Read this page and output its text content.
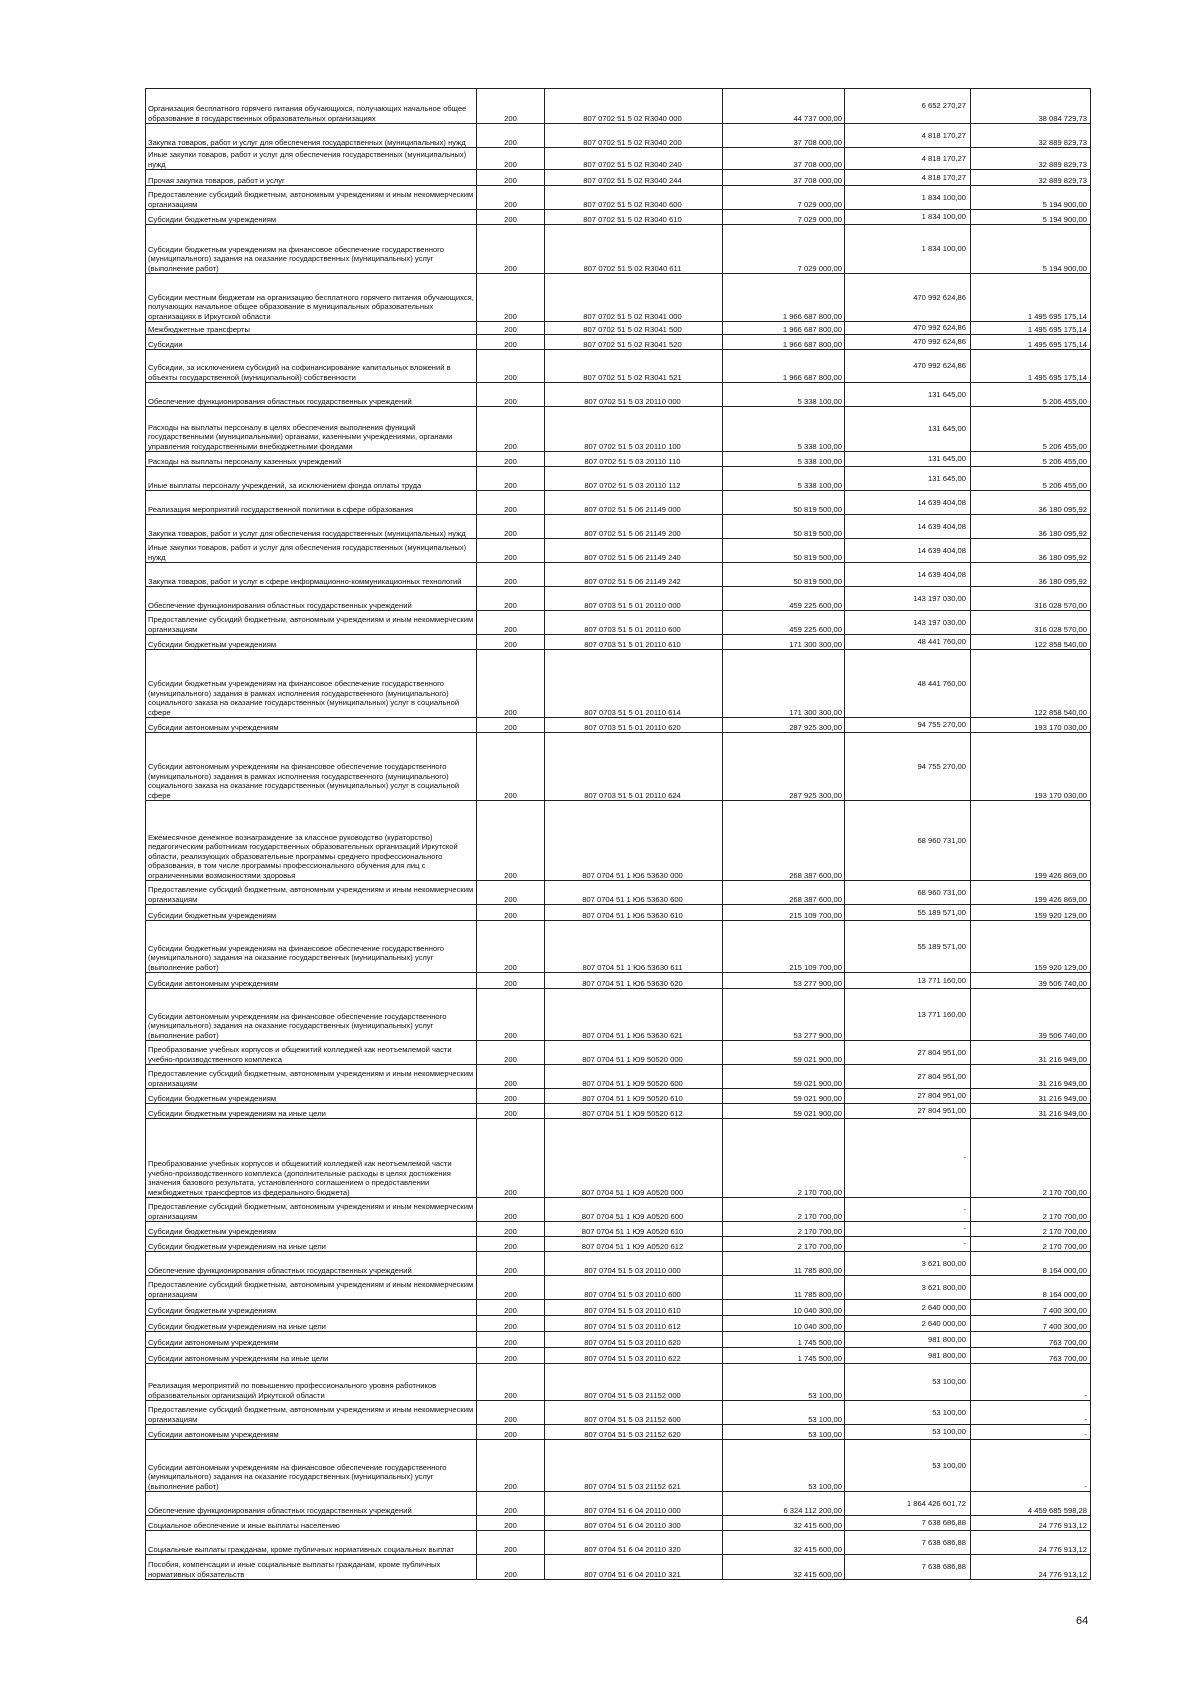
Организация бесплатного горячего питания обучающихся, получающих начальное общее образование в государственных образовательных организациях	200	807 0702 51 5 02 R3040 000	44 737 000,00	6 652 270,27	38 084 729,73
Закупка товаров, работ и услуг для обеспечения государственных (муниципальных) нужд	200	807 0702 51 5 02 R3040 200	37 708 000,00	4 818 170,27	32 889 829,73
Иные закупки товаров, работ и услуг для обеспечения государственных (муниципальных) нужд	200	807 0702 51 5 02 R3040 240	37 708 000,00	4 818 170,27	32 889 829,73
Прочая закупка товаров, работ и услуг	200	807 0702 51 5 02 R3040 244	37 708 000,00	4 818 170,27	32 889 829,73
Предоставление субсидий бюджетным, автономным учреждениям и иным некоммерческим организациям	200	807 0702 51 5 02 R3040 600	7 029 000,00	1 834 100,00	5 194 900,00
Субсидии бюджетным учреждениям	200	807 0702 51 5 02 R3040 610	7 029 000,00	1 834 100,00	5 194 900,00
Субсидии бюджетным учреждениям на финансовое обеспечение государственного (муниципального) задания на оказание государственных (муниципальных) услуг (выполнение работ)	200	807 0702 51 5 02 R3040 611	7 029 000,00	1 834 100,00	5 194 900,00
Субсидии местным бюджетам на организацию бесплатного горячего питания обучающихся, получающих начальное общее образование в муниципальных образовательных организациях в Иркутской области	200	807 0702 51 5 02 R3041 000	1 966 687 800,00	470 992 624,86	1 495 695 175,14
Межбюджетные трансферты	200	807 0702 51 5 02 R3041 500	1 966 687 800,00	470 992 624,86	1 495 695 175,14
Субсидии	200	807 0702 51 5 02 R3041 520	1 966 687 800,00	470 992 624,86	1 495 695 175,14
Субсидии, за исключением субсидий на софинансирование капитальных вложений в объекты государственной (муниципальной) собственности	200	807 0702 51 5 02 R3041 521	1 966 687 800,00	470 992 624,86	1 495 695 175,14
Обеспечение функционирования областных государственных учреждений	200	807 0702 51 5 03 20110 000	5 338 100,00	131 645,00	5 206 455,00
Расходы на выплаты персоналу в целях обеспечения выполнения функций государственными (муниципальными) органами, казенными учреждениями, органами управления государственными внебюджетными фондами	200	807 0702 51 5 03 20110 100	5 338 100,00	131 645,00	5 206 455,00
Расходы на выплаты персоналу казенных учреждений	200	807 0702 51 5 03 20110 110	5 338 100,00	131 645,00	5 206 455,00
Иные выплаты персоналу учреждений, за исключением фонда оплаты труда	200	807 0702 51 5 03 20110 112	5 338 100,00	131 645,00	5 206 455,00
Реализация мероприятий государственной политики в сфере образования	200	807 0702 51 5 06 21149 000	50 819 500,00	14 639 404,08	36 180 095,92
Закупка товаров, работ и услуг для обеспечения государственных (муниципальных) нужд	200	807 0702 51 5 06 21149 200	50 819 500,00	14 639 404,08	36 180 095,92
Иные закупки товаров, работ и услуг для обеспечения государственных (муниципальных) нужд	200	807 0702 51 5 06 21149 240	50 819 500,00	14 639 404,08	36 180 095,92
Закупка товаров, работ и услуг в сфере информационно-коммуникационных технологий	200	807 0702 51 5 06 21149 242	50 819 500,00	14 639 404,08	36 180 095,92
Обеспечение функционирования областных государственных учреждений	200	807 0703 51 5 01 20110 000	459 225 600,00	143 197 030,00	316 028 570,00
Предоставление субсидий бюджетным, автономным учреждениям и иным некоммерческим организациям	200	807 0703 51 5 01 20110 600	459 225 600,00	143 197 030,00	316 028 570,00
Субсидии бюджетным учреждениям	200	807 0703 51 5 01 20110 610	171 300 300,00	48 441 760,00	122 858 540,00
Субсидии бюджетным учреждениям на финансовое обеспечение государственного (муниципального) задания в рамках исполнения государственного (муниципального) социального заказа на оказание государственных (муниципальных) услуг в социальной сфере	200	807 0703 51 5 01 20110 614	171 300 300,00	48 441 760,00	122 858 540,00
Субсидии автономным учреждениям	200	807 0703 51 5 01 20110 620	287 925 300,00	94 755 270,00	193 170 030,00
Субсидии автономным учреждениям на финансовое обеспечение государственного (муниципального) задания в рамках исполнения государственного (муниципального) социального заказа на оказание государственных (муниципальных) услуг в социальной сфере	200	807 0703 51 5 01 20110 624	287 925 300,00	94 755 270,00	193 170 030,00
Ежемесячное денежное вознаграждение за классное руководство (кураторство) педагогическим работникам государственных образовательных организаций Иркутской области, реализующих образовательные программы среднего профессионального образования, в том числе программы профессионального обучения для лиц с ограниченными возможностями здоровья	200	807 0704 51 1 Ю6 53630 000	268 387 600,00	68 960 731,00	199 426 869,00
Предоставление субсидий бюджетным, автономным учреждениям и иным некоммерческим организациям	200	807 0704 51 1 Ю6 53630 600	268 387 600,00	68 960 731,00	199 426 869,00
Субсидии бюджетным учреждениям	200	807 0704 51 1 Ю6 53630 610	215 109 700,00	55 189 571,00	159 920 129,00
Субсидии бюджетным учреждениям на финансовое обеспечение государственного (муниципального) задания на оказание государственных (муниципальных) услуг (выполнение работ)	200	807 0704 51 1 Ю6 53630 611	215 109 700,00	55 189 571,00	159 920 129,00
Субсидии автономным учреждениям	200	807 0704 51 1 Ю6 53630 620	53 277 900,00	13 771 160,00	39 506 740,00
Субсидии автономным учреждениям на финансовое обеспечение государственного (муниципального) задания на оказание государственных (муниципальных) услуг (выполнение работ)	200	807 0704 51 1 Ю6 53630 621	53 277 900,00	13 771 160,00	39 506 740,00
Преобразование учебных корпусов и общежитий колледжей как неотъемлемой части учебно-производственного комплекса	200	807 0704 51 1 Ю9 50520 000	59 021 900,00	27 804 951,00	31 216 949,00
Предоставление субсидий бюджетным, автономным учреждениям и иным некоммерческим организациям	200	807 0704 51 1 Ю9 50520 600	59 021 900,00	27 804 951,00	31 216 949,00
Субсидии бюджетным учреждениям	200	807 0704 51 1 Ю9 50520 610	59 021 900,00	27 804 951,00	31 216 949,00
Субсидии бюджетным учреждениям на иные цели	200	807 0704 51 1 Ю9 50520 612	59 021 900,00	27 804 951,00	31 216 949,00
Преобразование учебных корпусов и общежитий колледжей как неотъемлемой части учебно-производственного комплекса (дополнительные расходы в целях достижения значения базового результата, установленного соглашением о предоставлении межбюджетных трансфертов из федерального бюджета)	200	807 0704 51 1 Ю9 А0520 000	2 170 700,00	-	2 170 700,00
Предоставление субсидий бюджетным, автономным учреждениям и иным некоммерческим организациям	200	807 0704 51 1 Ю9 А0520 600	2 170 700,00	-	2 170 700,00
Субсидии бюджетным учреждениям	200	807 0704 51 1 Ю9 А0520 610	2 170 700,00	-	2 170 700,00
Субсидии бюджетным учреждениям на иные цели	200	807 0704 51 1 Ю9 А0520 612	2 170 700,00	-	2 170 700,00
Обеспечение функционирования областных государственных учреждений	200	807 0704 51 5 03 20110 000	11 785 800,00	3 621 800,00	8 164 000,00
Предоставление субсидий бюджетным, автономным учреждениям и иным некоммерческим организациям	200	807 0704 51 5 03 20110 600	11 785 800,00	3 621 800,00	8 164 000,00
Субсидии бюджетным учреждениям	200	807 0704 51 5 03 20110 610	10 040 300,00	2 640 000,00	7 400 300,00
Субсидии бюджетным учреждениям на иные цели	200	807 0704 51 5 03 20110 612	10 040 300,00	2 640 000,00	7 400 300,00
Субсидии автономным учреждениям	200	807 0704 51 5 03 20110 620	1 745 500,00	981 800,00	763 700,00
Субсидии автономным учреждениям на иные цели	200	807 0704 51 5 03 20110 622	1 745 500,00	981 800,00	763 700,00
Реализация мероприятий по повышению профессионального уровня работников образовательных организаций Иркутской области	200	807 0704 51 5 03 21152 000	53 100,00	53 100,00	-
Предоставление субсидий бюджетным, автономным учреждениям и иным некоммерческим организациям	200	807 0704 51 5 03 21152 600	53 100,00	53 100,00	-
Субсидии автономным учреждениям	200	807 0704 51 5 03 21152 620	53 100,00	53 100,00	-
Субсидии автономным учреждениям на финансовое обеспечение государственного (муниципального) задания на оказание государственных (муниципальных) услуг (выполнение работ)	200	807 0704 51 5 03 21152 621	53 100,00	53 100,00	-
Обеспечение функционирования областных государственных учреждений	200	807 0704 51 6 04 20110 000	6 324 112 200,00	1 864 426 601,72	4 459 685 598,28
Социальное обеспечение и иные выплаты населению	200	807 0704 51 6 04 20110 300	32 415 600,00	7 638 686,88	24 776 913,12
Социальные выплаты гражданам, кроме публичных нормативных социальных выплат	200	807 0704 51 6 04 20110 320	32 415 600,00	7 638 686,88	24 776 913,12
Пособия, компенсации и иные социальные выплаты гражданам, кроме публичных нормативных обязательств	200	807 0704 51 6 04 20110 321	32 415 600,00	7 638 686,88	24 776 913,12
64
